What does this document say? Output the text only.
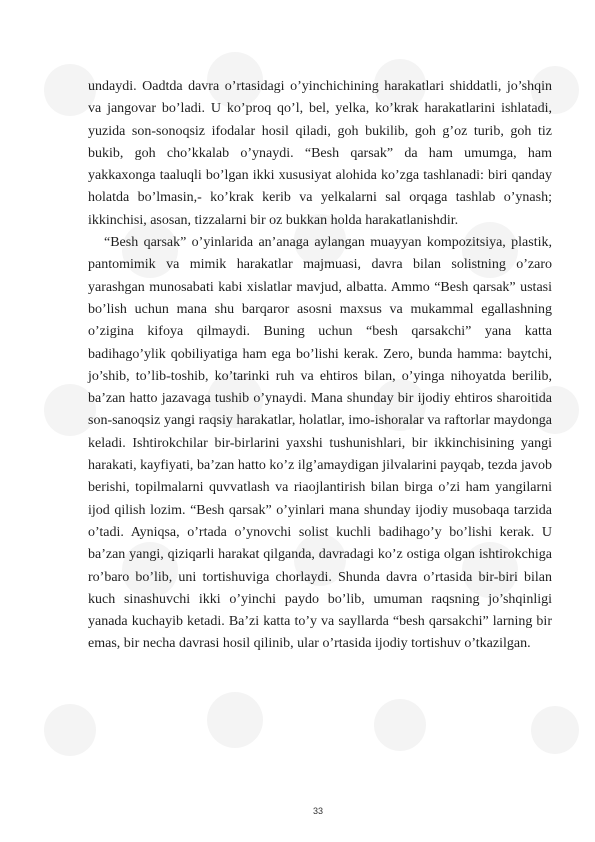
undaydi. Oadtda davra o’rtasidagi o’yinchichining harakatlari shiddatli, jo’shqin va jangovar bo’ladi. U ko’proq qo’l, bel, yelka, ko’krak harakatlarini ishlatadi, yuzida son-sonoqsiz ifodalar hosil qiladi, goh bukilib, goh g’oz turib, goh tiz bukib, goh cho’kkalab o’ynaydi. “Besh qarsak” da ham umumga, ham yakkaxonga taaluqli bo’lgan ikki xususiyat alohida ko’zga tashlanadi: biri qanday holatda bo’lmasin,- ko’krak kerib va yelkalarni sal orqaga tashlab o’ynash; ikkinchisi, asosan, tizzalarni bir oz bukkan holda harakatlanishdir.

“Besh qarsak” o’yinlarida an’anaga aylangan muayyan kompozitsiya, plastik, pantomimik va mimik harakatlar majmuasi, davra bilan solistning o’zaro yarashgan munosabati kabi xislatlar mavjud, albatta. Ammo “Besh qarsak” ustasi bo’lish uchun mana shu barqaror asosni maxsus va mukammal egallashning o’zigina kifoya qilmaydi. Buning uchun “besh qarsakchi” yana katta badihago’ylik qobiliyatiga ham ega bo’lishi kerak. Zero, bunda hamma: baytchi, jo’shib, to’lib-toshib, ko’tarinki ruh va ehtiros bilan, o’yinga nihoyatda berilib, ba’zan hatto jazavaga tushib o’ynaydi. Mana shunday bir ijodiy ehtiros sharoitida son-sanoqsiz yangi raqsiy harakatlar, holatlar, imo-ishoralar va raftorlar maydonga keladi. Ishtirokchilar bir-birlarini yaxshi tushunishlari, bir ikkinchisining yangi harakati, kayfiyati, ba’zan hatto ko’z ilg’amaydigan jilvalarini payqab, tezda javob berishi, topilmalarni quvvatlash va riaojlantirish bilan birga o’zi ham yangilarni ijod qilish lozim. “Besh qarsak” o’yinlari mana shunday ijodiy musobaqa tarzida o’tadi. Ayniqsa, o’rtada o’ynovchi solist kuchli badihago’y bo’lishi kerak. U ba’zan yangi, qiziqarli harakat qilganda, davradagi ko’z ostiga olgan ishtirokchiga ro’baro bo’lib, uni tortishuviga chorlaydi. Shunda davra o’rtasida bir-biri bilan kuch sinashuvchi ikki o’yinchi paydo bo’lib, umuman raqsning jo’shqinligi yanada kuchayib ketadi. Ba’zi katta to’y va sayllarda “besh qarsakchi” larning bir emas, bir necha davrasi hosil qilinib, ular o’rtasida ijodiy tortishuv o’tkazilgan.

33
